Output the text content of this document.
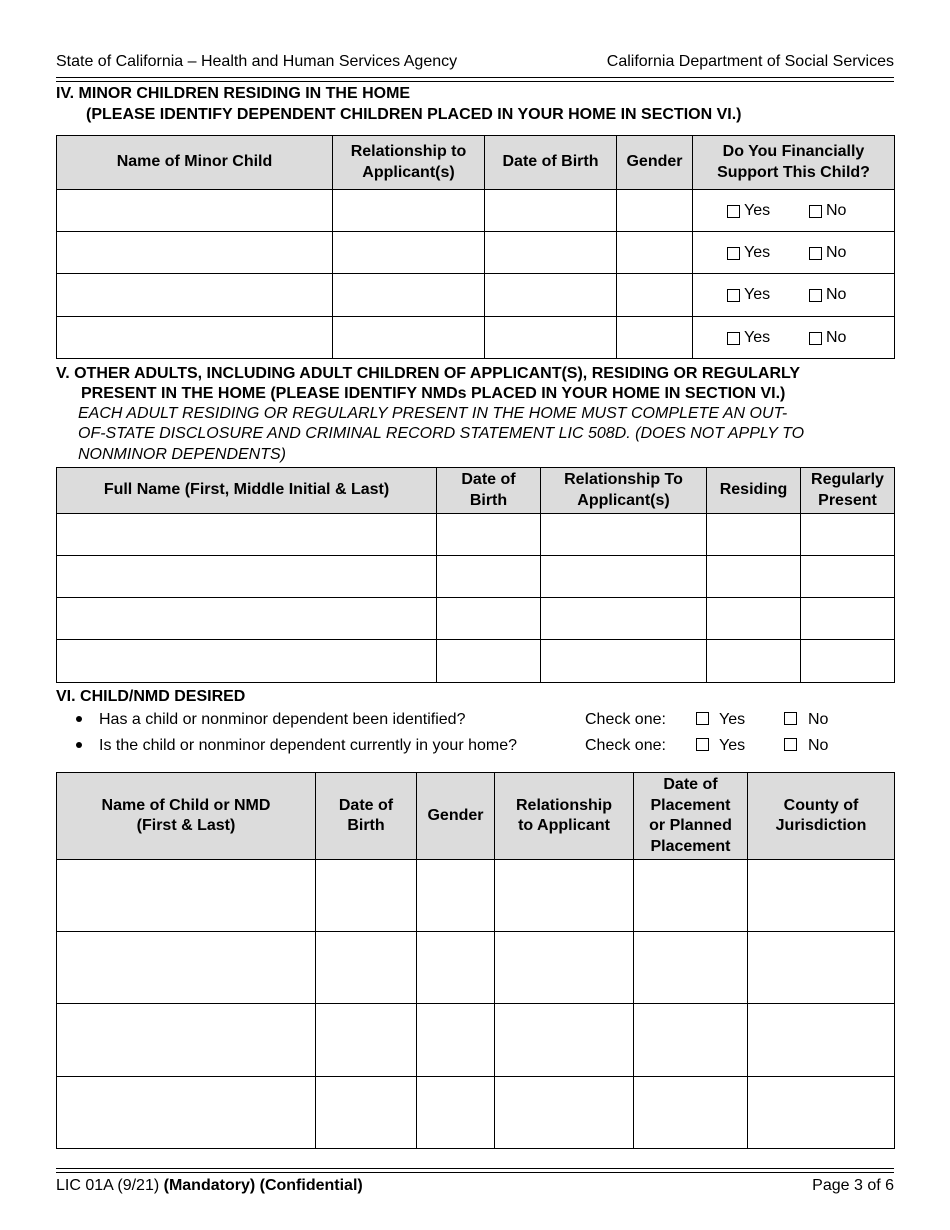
State of California – Health and Human Services Agency	California Department of Social Services
IV. MINOR CHILDREN RESIDING IN THE HOME
(PLEASE IDENTIFY DEPENDENT CHILDREN PLACED IN YOUR HOME IN SECTION VI.)
Name of Minor Child	Relationship to Applicant(s)	Date of Birth	Gender	Do You Financially Support This Child?

				Yes No

				Yes No

				Yes No

				Yes No
V. OTHER ADULTS, INCLUDING ADULT CHILDREN OF APPLICANT(S), RESIDING OR REGULARLY
PRESENT IN THE HOME (PLEASE IDENTIFY NMDs PLACED IN YOUR HOME IN SECTION VI.)
EACH ADULT RESIDING OR REGULARLY PRESENT IN THE HOME MUST COMPLETE AN OUT-
OF-STATE DISCLOSURE AND CRIMINAL RECORD STATEMENT LIC 508D. (DOES NOT APPLY TO
NONMINOR DEPENDENTS)
Full Name (First, Middle Initial & Last)	Date of Birth	Relationship To Applicant(s)	Residing	Regularly Present

VI. CHILD/NMD DESIRED
Has a child or nonminor dependent been identified?	Check one:	Yes	No
Is the child or nonminor dependent currently in your home?	Check one:	Yes	No
Name of Child or NMD (First & Last)	Date of Birth	Gender	Relationship to Applicant	Date of Placement or Planned Placement	County of Jurisdiction

LIC 01A (9/21) (Mandatory) (Confidential)	Page 3 of 6
